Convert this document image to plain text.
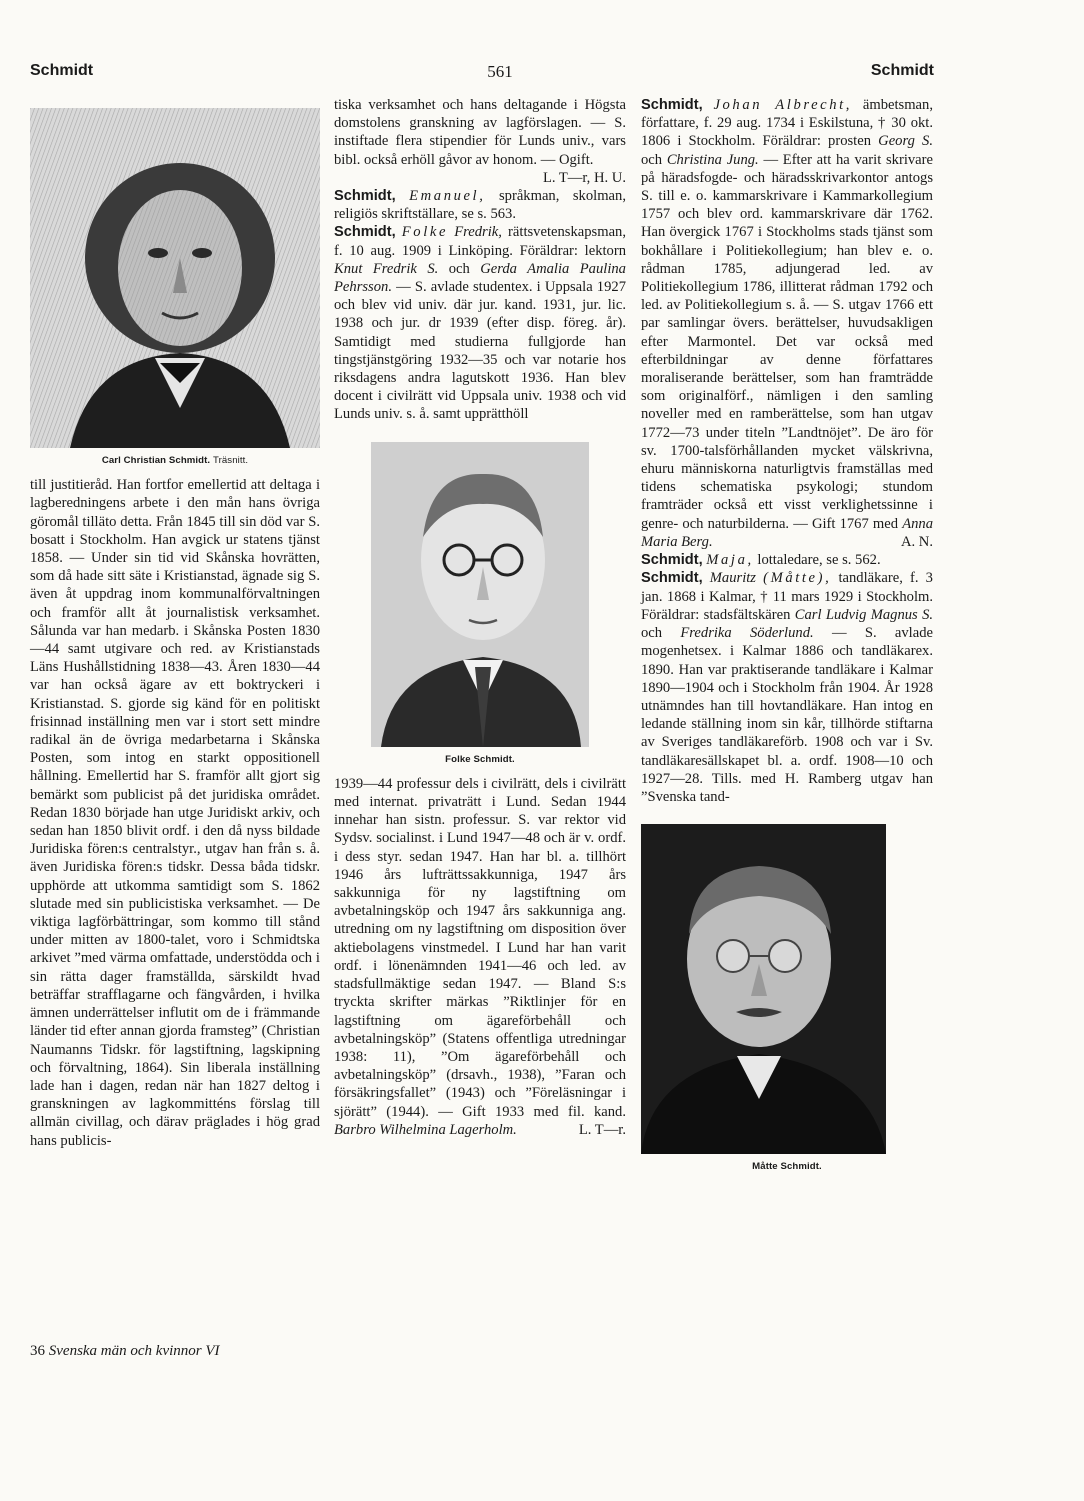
Schmidt	561	Schmidt
Carl Christian Schmidt. Träsnitt.

till justitieråd. Han fortfor emellertid att deltaga i lagberedningens arbete i den mån hans övriga göromål tilläto detta. Från 1845 till sin död var S. bosatt i Stockholm. Han avgick ur statens tjänst 1858. — Under sin tid vid Skånska hovrätten, som då hade sitt säte i Kristianstad, ägnade sig S. även åt uppdrag inom kommunalförvaltningen och framför allt åt journalistisk verksamhet. Sålunda var han medarb. i Skånska Posten 1830—44 samt utgivare och red. av Kristianstads Läns Hushållstidning 1838—43. Åren 1830—44 var han också ägare av ett boktryckeri i Kristianstad. S. gjorde sig känd för en politiskt frisinnad inställning men var i stort sett mindre radikal än de övriga medarbetarna i Skånska Posten, som intog en starkt oppositionell hållning. Emellertid har S. framför allt gjort sig bemärkt som publicist på det juridiska området. Redan 1830 började han utge Juridiskt arkiv, och sedan han 1850 blivit ordf. i den då nyss bildade Juridiska fören:s centralstyr., utgav han från s. å. även Juridiska fören:s tidskr. Dessa båda tidskr. upphörde att utkomma samtidigt som S. 1862 slutade med sin publicistiska verksamhet. — De viktiga lagförbättringar, som kommo till stånd under mitten av 1800-talet, voro i Schmidtska arkivet ”med värma omfattade, understödda och i sin rätta dager framställda, särskildt hvad beträffar strafflagarne och fängvården, i hvilka ämnen underrättelser influtit om de i främmande länder tid efter annan gjorda framsteg” (Christian Naumanns Tidskr. för lagstiftning, lagskipning och förvaltning, 1864). Sin liberala inställning lade han i dagen, redan när han 1827 deltog i granskningen av lagkommitténs förslag till allmän civillag, och därav präglades i hög grad hans publicis-

tiska verksamhet och hans deltagande i Högsta domstolens granskning av lagförslagen. — S. instiftade flera stipendier för Lunds univ., vars bibl. också erhöll gåvor av honom. — Ogift.

L. T—r, H. U.

Schmidt, Emanuel, språkman, skolman, religiös skriftställare, se s. 563.

Schmidt, Folke Fredrik, rättsvetenskapsman, f. 10 aug. 1909 i Linköping. Föräldrar: lektorn Knut Fredrik S. och Gerda Amalia Paulina Pehrsson. — S. avlade studentex. i Uppsala 1927 och blev vid univ. där jur. kand. 1931, jur. lic. 1938 och jur. dr 1939 (efter disp. föreg. år). Samtidigt med studierna fullgjorde han tingstjänstgöring 1932—35 och var notarie hos riksdagens andra lagutskott 1936. Han blev docent i civilrätt vid Uppsala univ. 1938 och vid Lunds univ. s. å. samt upprätthöll

Folke Schmidt.

1939—44 professur dels i civilrätt, dels i civilrätt med internat. privaträtt i Lund. Sedan 1944 innehar han sistn. professur. S. var rektor vid Sydsv. socialinst. i Lund 1947—48 och är v. ordf. i dess styr. sedan 1947. Han har bl. a. tillhört 1946 års lufträttssakkunniga, 1947 års sakkunniga för ny lagstiftning om avbetalningsköp och 1947 års sakkunniga ang. utredning om ny lagstiftning om disposition över aktiebolagens vinstmedel. I Lund har han varit ordf. i lönenämnden 1941—46 och led. av stadsfullmäktige sedan 1947. — Bland S:s tryckta skrifter märkas ”Riktlinjer för en lagstiftning om ägareförbehåll och avbetalningsköp” (Statens offentliga utredningar 1938: 11), ”Om ägareförbehåll och avbetalningsköp” (drsavh., 1938), ”Faran och försäkringsfallet” (1943) och ”Föreläsningar i sjörätt” (1944). — Gift 1933 med fil. kand. Barbro Wilhelmina Lagerholm.	L. T—r.

Schmidt, Johan Albrecht, ämbetsman, författare, f. 29 aug. 1734 i Eskilstuna, † 30 okt. 1806 i Stockholm. Föräldrar: prosten Georg S. och Christina Jung. — Efter att ha varit skrivare på häradsfogde- och häradsskrivarkontor antogs S. till e. o. kammarskrivare i Kammarkollegium 1757 och blev ord. kammarskrivare där 1762. Han övergick 1767 i Stockholms stads tjänst som bokhållare i Politiekollegium; han blev e. o. rådman 1785, adjungerad led. av Politiekollegium 1786, illitterat rådman 1792 och led. av Politiekollegium s. å. — S. utgav 1766 ett par samlingar övers. berättelser, huvudsakligen efter Marmontel. Det var också med efterbildningar av denne författares moraliserande berättelser, som han framträdde som originalförf., nämligen i den samling noveller med en ramberättelse, som han utgav 1772—73 under titeln ”Landtnöjet”. De äro för sv. 1700-talsförhållanden mycket välskrivna, ehuru människorna naturligtvis framställas med tidens schematiska psykologi; stundom framträder också ett visst verklighetssinne i genre- och naturbilderna. — Gift 1767 med Anna Maria Berg.	A. N.

Schmidt, Maja, lottaledare, se s. 562.

Schmidt, Mauritz (Måtte), tandläkare, f. 3 jan. 1868 i Kalmar, † 11 mars 1929 i Stockholm. Föräldrar: stadsfältskären Carl Ludvig Magnus S. och Fredrika Söderlund. — S. avlade mogenhetsex. i Kalmar 1886 och tandläkarex. 1890. Han var praktiserande tandläkare i Kalmar 1890—1904 och i Stockholm från 1904. År 1928 utnämndes han till hovtandläkare. Han intog en ledande ställning inom sin kår, tillhörde stiftarna av Sveriges tandläkareförb. 1908 och var i Sv. tandläkaresällskapet bl. a. ordf. 1908—10 och 1927—28. Tills. med H. Ramberg utgav han ”Svenska tand-

Måtte Schmidt.
36 Svenska män och kvinnor VI
